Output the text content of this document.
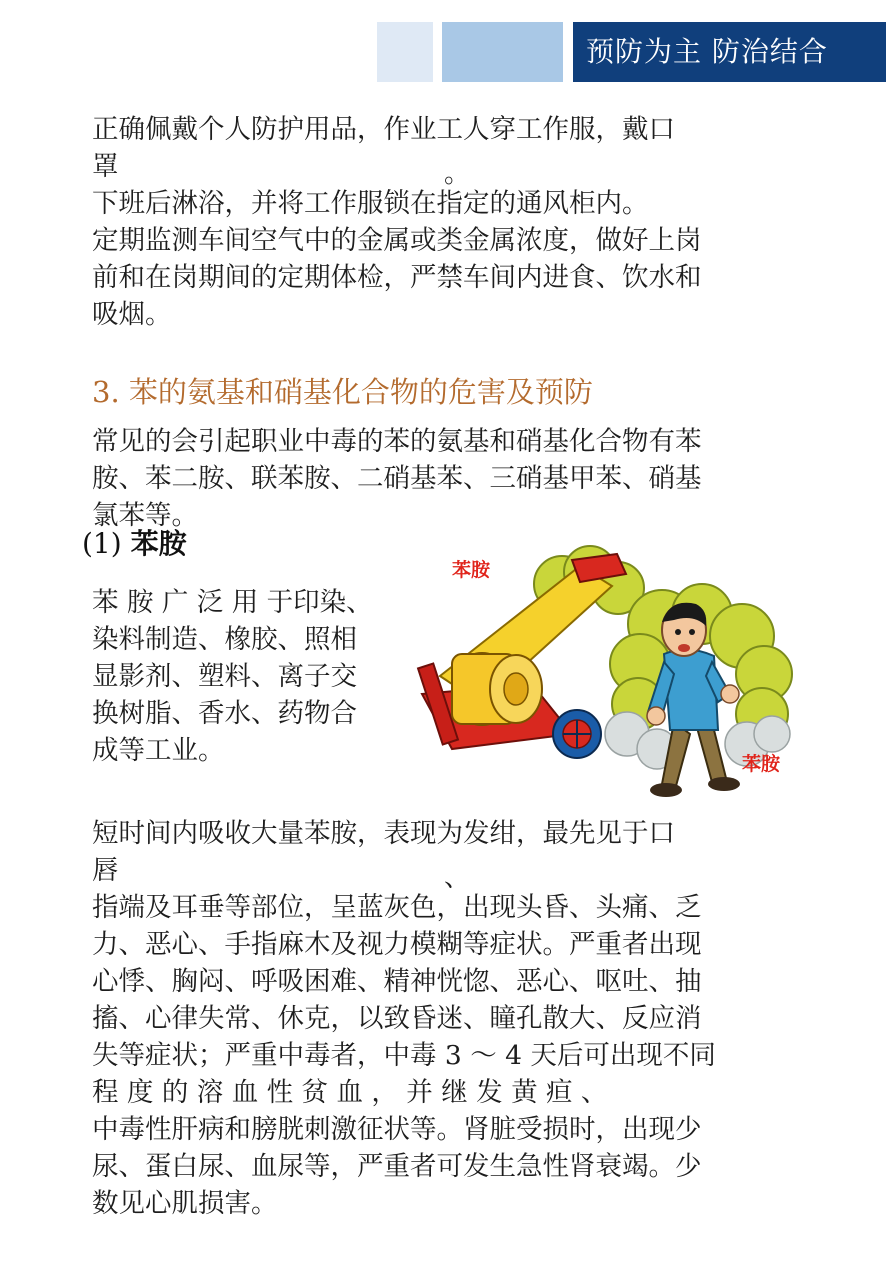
预防为主 防治结合
正确佩戴个人防护用品，作业工人穿工作服，戴口
罩
下班后淋浴，并将工作服锁在指定的通风柜内。
定期监测车间空气中的金属或类金属浓度，做好上岗
前和在岗期间的定期体检，严禁车间内进食、饮水和
吸烟。
。
3. 苯的氨基和硝基化合物的危害及预防
常见的会引起职业中毒的苯的氨基和硝基化合物有苯
胺、苯二胺、联苯胺、二硝基苯、三硝基甲苯、硝基
氯苯等。
(1) 苯胺
苯 胺 广 泛 用 于印染、
染料制造、橡胶、照相
显影剂、塑料、离子交
换树脂、香水、药物合
成等工业。
苯胺
苯胺
短时间内吸收大量苯胺，表现为发绀，最先见于口
唇
指端及耳垂等部位，呈蓝灰色，出现头昏、头痛、乏
力、恶心、手指麻木及视力模糊等症状。严重者出现
心悸、胸闷、呼吸困难、精神恍惚、恶心、呕吐、抽
搐、心律失常、休克，以致昏迷、瞳孔散大、反应消
失等症状；严重中毒者，中毒 3 ～ 4 天后可出现不同
程 度 的 溶 血 性 贫 血 ， 并 继 发 黄 疸 、
中毒性肝病和膀胱刺激征状等。肾脏受损时，出现少
尿、蛋白尿、血尿等，严重者可发生急性肾衰竭。少
数见心肌损害。
、
